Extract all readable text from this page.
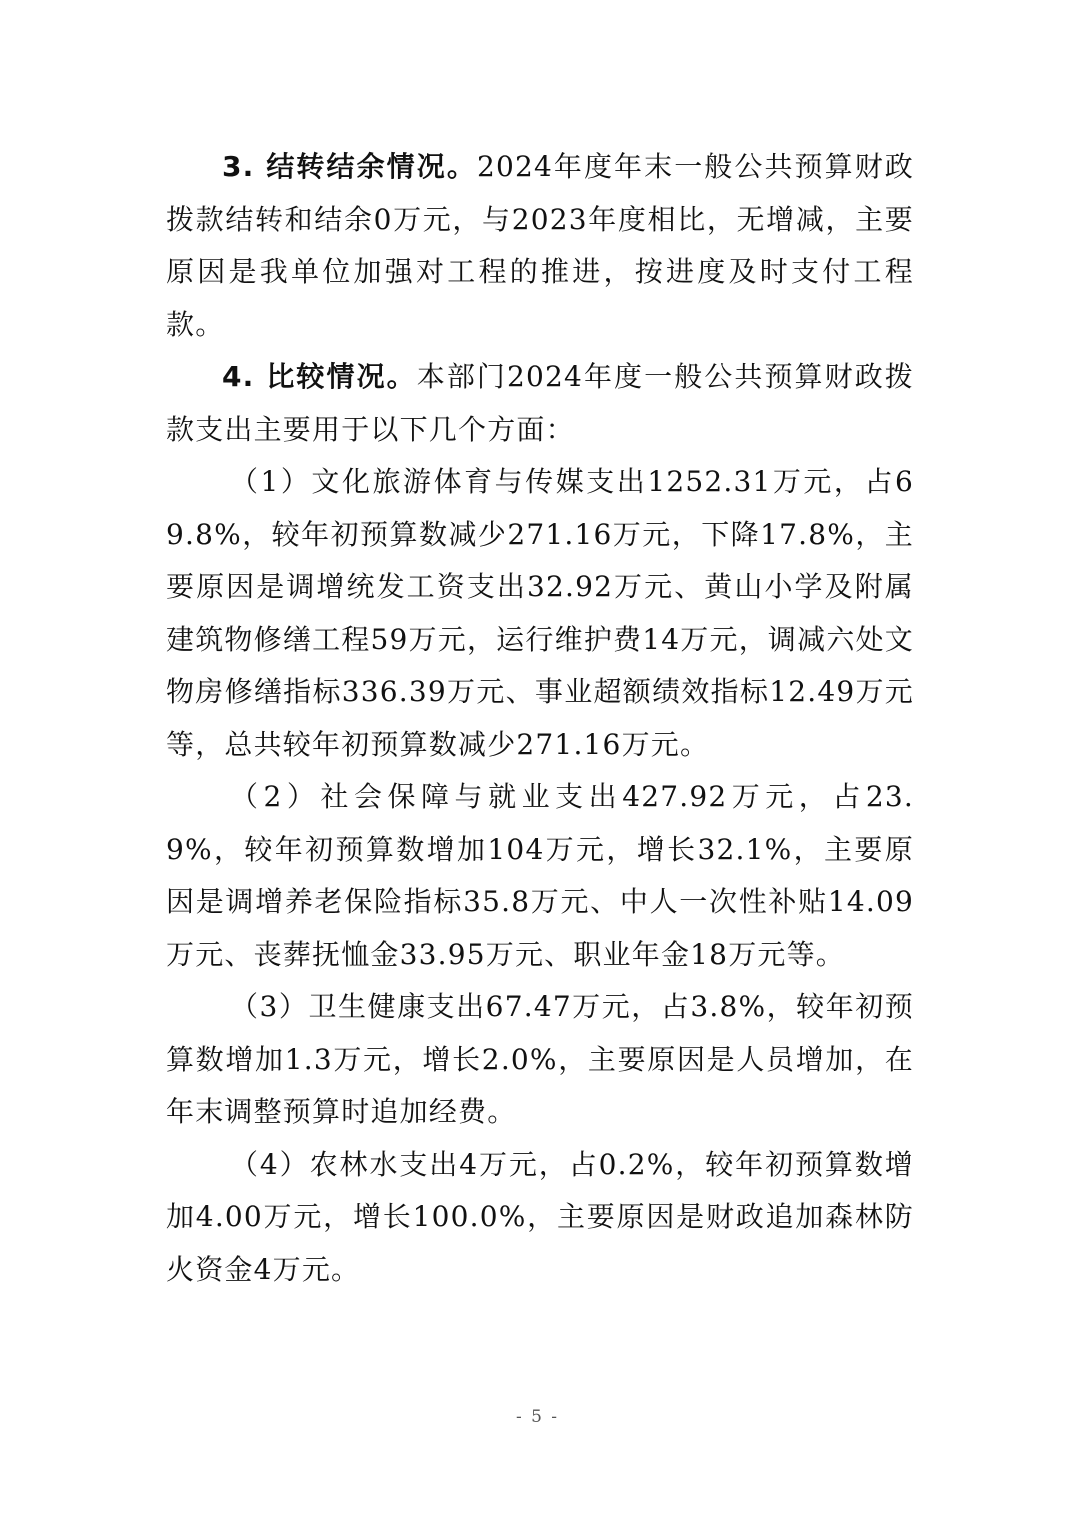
3. 结转结余情况。2024年度年末一般公共预算财政拨款结转和结余0万元，与2023年度相比，无增减，主要原因是我单位加强对工程的推进，按进度及时支付工程款。

4. 比较情况。本部门2024年度一般公共预算财政拨款支出主要用于以下几个方面：

（1）文化旅游体育与传媒支出1252.31万元，占69.8%，较年初预算数减少271.16万元，下降17.8%，主要原因是调增统发工资支出32.92万元、黄山小学及附属建筑物修缮工程59万元，运行维护费14万元，调减六处文物房修缮指标336.39万元、事业超额绩效指标12.49万元等，总共较年初预算数减少271.16万元。

（2）社会保障与就业支出427.92万元，占23.9%，较年初预算数增加104万元，增长32.1%，主要原因是调增养老保险指标35.8万元、中人一次性补贴14.09万元、丧葬抚恤金33.95万元、职业年金18万元等。

（3）卫生健康支出67.47万元，占3.8%，较年初预算数增加1.3万元，增长2.0%，主要原因是人员增加，在年末调整预算时追加经费。

（4）农林水支出4万元，占0.2%，较年初预算数增加4.00万元，增长100.0%，主要原因是财政追加森林防火资金4万元。

- 5 -
